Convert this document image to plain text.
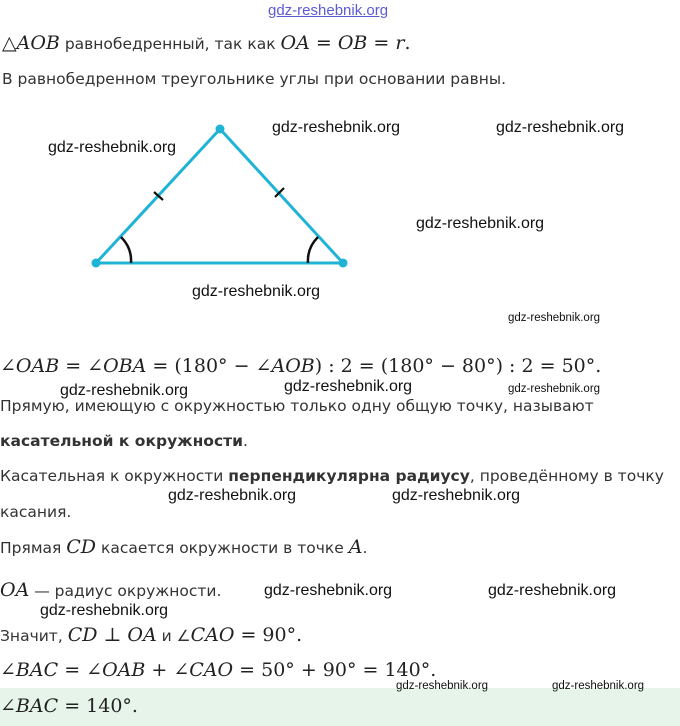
gdz-reshebnik.org
△AOB равнобедренный, так как OA = OB = r.
В равнобедренном треугольнике углы при основании равны.
gdz-reshebnik.org
gdz-reshebnik.org	gdz-reshebnik.org
gdz-reshebnik.org
gdz-reshebnik.org
gdz-reshebnik.org
∠OAB = ∠OBA = (180° − ∠AOB) : 2 = (180° − 80°) : 2 = 50°.
gdz-reshebnik.org	gdz-reshebnik.org	gdz-reshebnik.org
Прямую, имеющую с окружностью только одну общую точку, называют
касательной к окружности.
Касательная к окружности перпендикулярна радиусу, проведённому в точку
gdz-reshebnik.org	gdz-reshebnik.org
касания.
Прямая CD касается окружности в точке A.
OA — радиус окружности.	gdz-reshebnik.org	gdz-reshebnik.org
gdz-reshebnik.org
Значит, CD ⊥ OA и ∠CAO = 90°.
∠BAC = ∠OAB + ∠CAO = 50° + 90° = 140°.
∠BAC = 140°.
gdz-reshebnik.org	gdz-reshebnik.org
